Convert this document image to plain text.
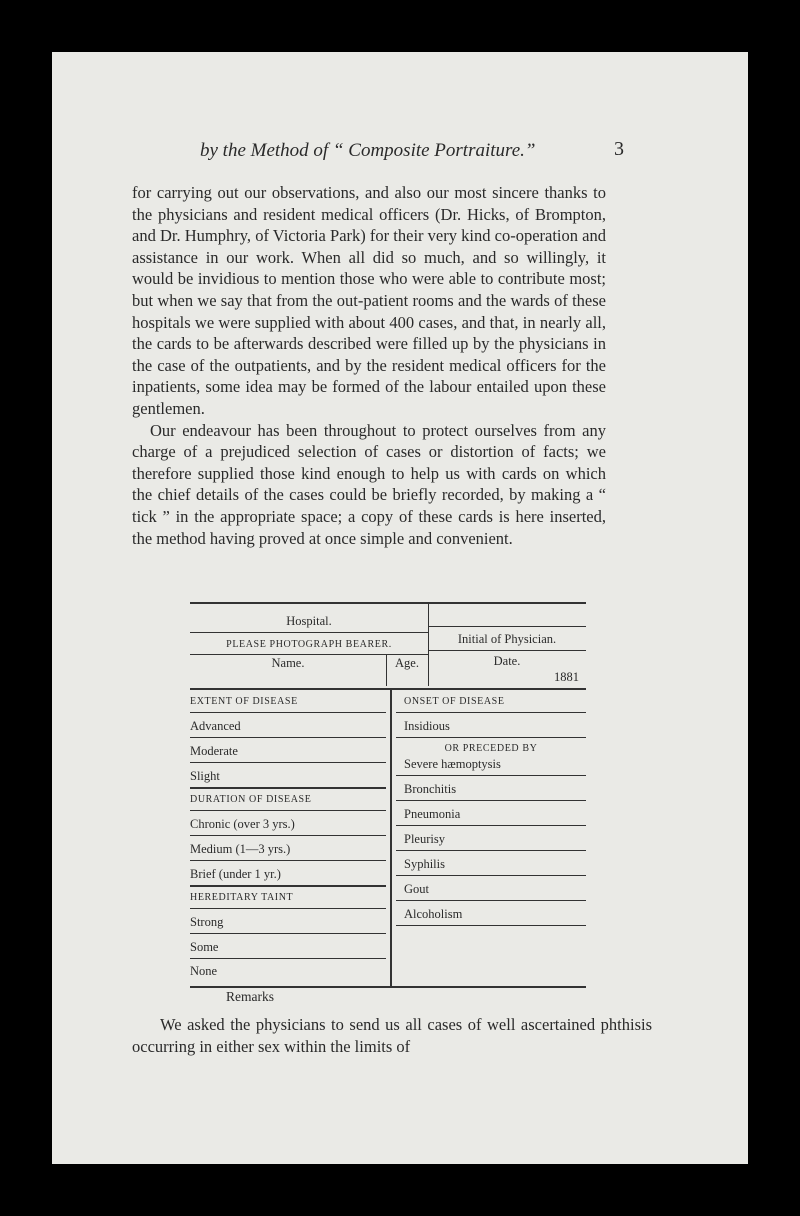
by the Method of “ Composite Portraiture.”	3

for carrying out our observations, and also our most sincere thanks to the physicians and resident medical officers (Dr. Hicks, of Brompton, and Dr. Humphry, of Victoria Park) for their very kind co-operation and assistance in our work. When all did so much, and so willingly, it would be invidious to mention those who were able to contribute most; but when we say that from the out-patient rooms and the wards of these hospitals we were supplied with about 400 cases, and that, in nearly all, the cards to be afterwards described were filled up by the physicians in the case of the outpatients, and by the resident medical officers for the inpatients, some idea may be formed of the labour entailed upon these gentlemen.

Our endeavour has been throughout to protect ourselves from any charge of a prejudiced selection of cases or distortion of facts; we therefore supplied those kind enough to help us with cards on which the chief details of the cases could be briefly recorded, by making a “ tick ” in the appropriate space; a copy of these cards is here inserted, the method having proved at once simple and convenient.

Hospital.
PLEASE PHOTOGRAPH BEARER.	Initial of Physician.
Name.	Age.	Date.
1881
EXTENT OF DISEASE
Advanced
Moderate
Slight
DURATION OF DISEASE
Chronic (over 3 yrs.)
Medium (1—3 yrs.)
Brief (under 1 yr.)
HEREDITARY TAINT
Strong
Some
None
ONSET OF DISEASE
Insidious
OR PRECEDED BY
Severe hæmoptysis
Bronchitis
Pneumonia
Pleurisy
Syphilis
Gout
Alcoholism
Remarks

We asked the physicians to send us all cases of well ascertained phthisis occurring in either sex within the limits of
